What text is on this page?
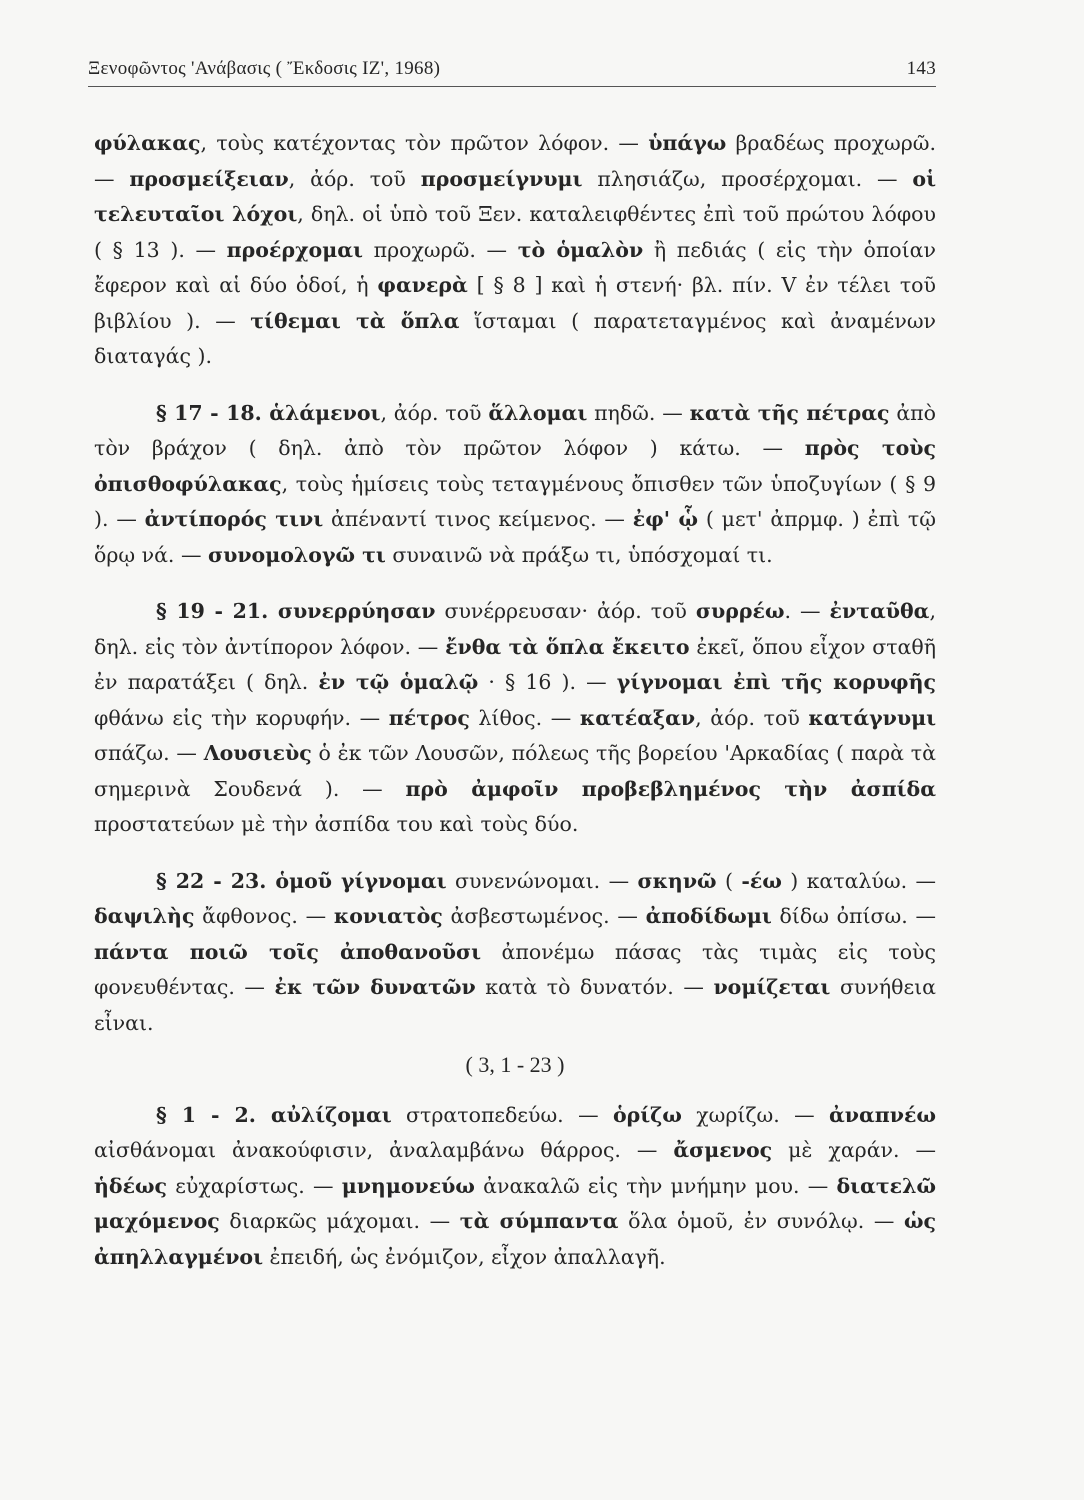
Ξενοφῶντος 'Ανάβασις ( Ἔκδοσις ΙΖ', 1968)	143

φύλακας, τοὺς κατέχοντας τὸν πρῶτον λόφον. — ὑπάγω βραδέως προχωρῶ. — προσμείξειαν, ἀόρ. τοῦ προσμείγνυμι πλησιάζω, προσέρχομαι. — οἱ τελευταῖοι λόχοι, δηλ. οἱ ὑπὸ τοῦ Ξεν. καταλειφθέντες ἐπὶ τοῦ πρώτου λόφου ( § 13 ). — προέρχομαι προχωρῶ. — τὸ ὁμαλὸν ἢ πεδιάς ( εἰς τὴν ὁποίαν ἔφερον καὶ αἱ δύο ὁδοί, ἡ φανερὰ [ § 8 ] καὶ ἡ στενή· βλ. πίν. V ἐν τέλει τοῦ βιβλίου ). — τίθεμαι τὰ ὅπλα ἵσταμαι ( παρατεταγμένος καὶ ἀναμένων διαταγάς ).

§ 17 - 18. ἁλάμενοι, ἀόρ. τοῦ ἅλλομαι πηδῶ. — κατὰ τῆς πέτρας ἀπὸ τὸν βράχον ( δηλ. ἀπὸ τὸν πρῶτον λόφον ) κάτω. — πρὸς τοὺς ὀπισθοφύλακας, τοὺς ἡμίσεις τοὺς τεταγμένους ὄπισθεν τῶν ὑποζυγίων ( § 9 ). — ἀντίπορός τινι ἀπέναντί τινος κείμενος. — ἐφ' ᾧ ( μετ' ἀπρμφ. ) ἐπὶ τῷ ὅρῳ νά. — συνομολογῶ τι συναινῶ νὰ πράξω τι, ὑπόσχομαί τι.

§ 19 - 21. συνερρύησαν συνέρρευσαν· ἀόρ. τοῦ συρρέω. — ἐνταῦθα, δηλ. εἰς τὸν ἀντίπορον λόφον. — ἔνθα τὰ ὅπλα ἔκειτο ἐκεῖ, ὅπου εἶχον σταθῆ ἐν παρατάξει ( δηλ. ἐν τῷ ὁμαλῷ · § 16 ). — γίγνομαι ἐπὶ τῆς κορυφῆς φθάνω εἰς τὴν κορυφήν. — πέτρος λίθος. — κατέαξαν, ἀόρ. τοῦ κατάγνυμι σπάζω. — Λουσιεὺς ὁ ἐκ τῶν Λουσῶν, πόλεως τῆς βορείου 'Αρκαδίας ( παρὰ τὰ σημερινὰ Σουδενά ). — πρὸ ἀμφοῖν προβεβλημένος τὴν ἀσπίδα προστατεύων μὲ τὴν ἀσπίδα του καὶ τοὺς δύο.

§ 22 - 23. ὁμοῦ γίγνομαι συνενώνομαι. — σκηνῶ ( -έω ) καταλύω. — δαψιλὴς ἄφθονος. — κονιατὸς ἀσβεστωμένος. — ἀποδίδωμι δίδω ὀπίσω. — πάντα ποιῶ τοῖς ἀποθανοῦσι ἀπονέμω πάσας τὰς τιμὰς εἰς τοὺς φονευθέντας. — ἐκ τῶν δυνατῶν κατὰ τὸ δυνατόν. — νομίζεται συνήθεια εἶναι.

( 3, 1 - 23 )

§ 1 - 2. αὐλίζομαι στρατοπεδεύω. — ὁρίζω χωρίζω. — ἀναπνέω αἰσθάνομαι ἀνακούφισιν, ἀναλαμβάνω θάρρος. — ἄσμενος μὲ χαράν. — ἡδέως εὐχαρίστως. — μνημονεύω ἀνακαλῶ εἰς τὴν μνήμην μου. — διατελῶ μαχόμενος διαρκῶς μάχομαι. — τὰ σύμπαντα ὅλα ὁμοῦ, ἐν συνόλῳ. — ὡς ἀπηλλαγμένοι ἐπειδή, ὡς ἐνόμιζον, εἶχον ἀπαλλαγῆ.
